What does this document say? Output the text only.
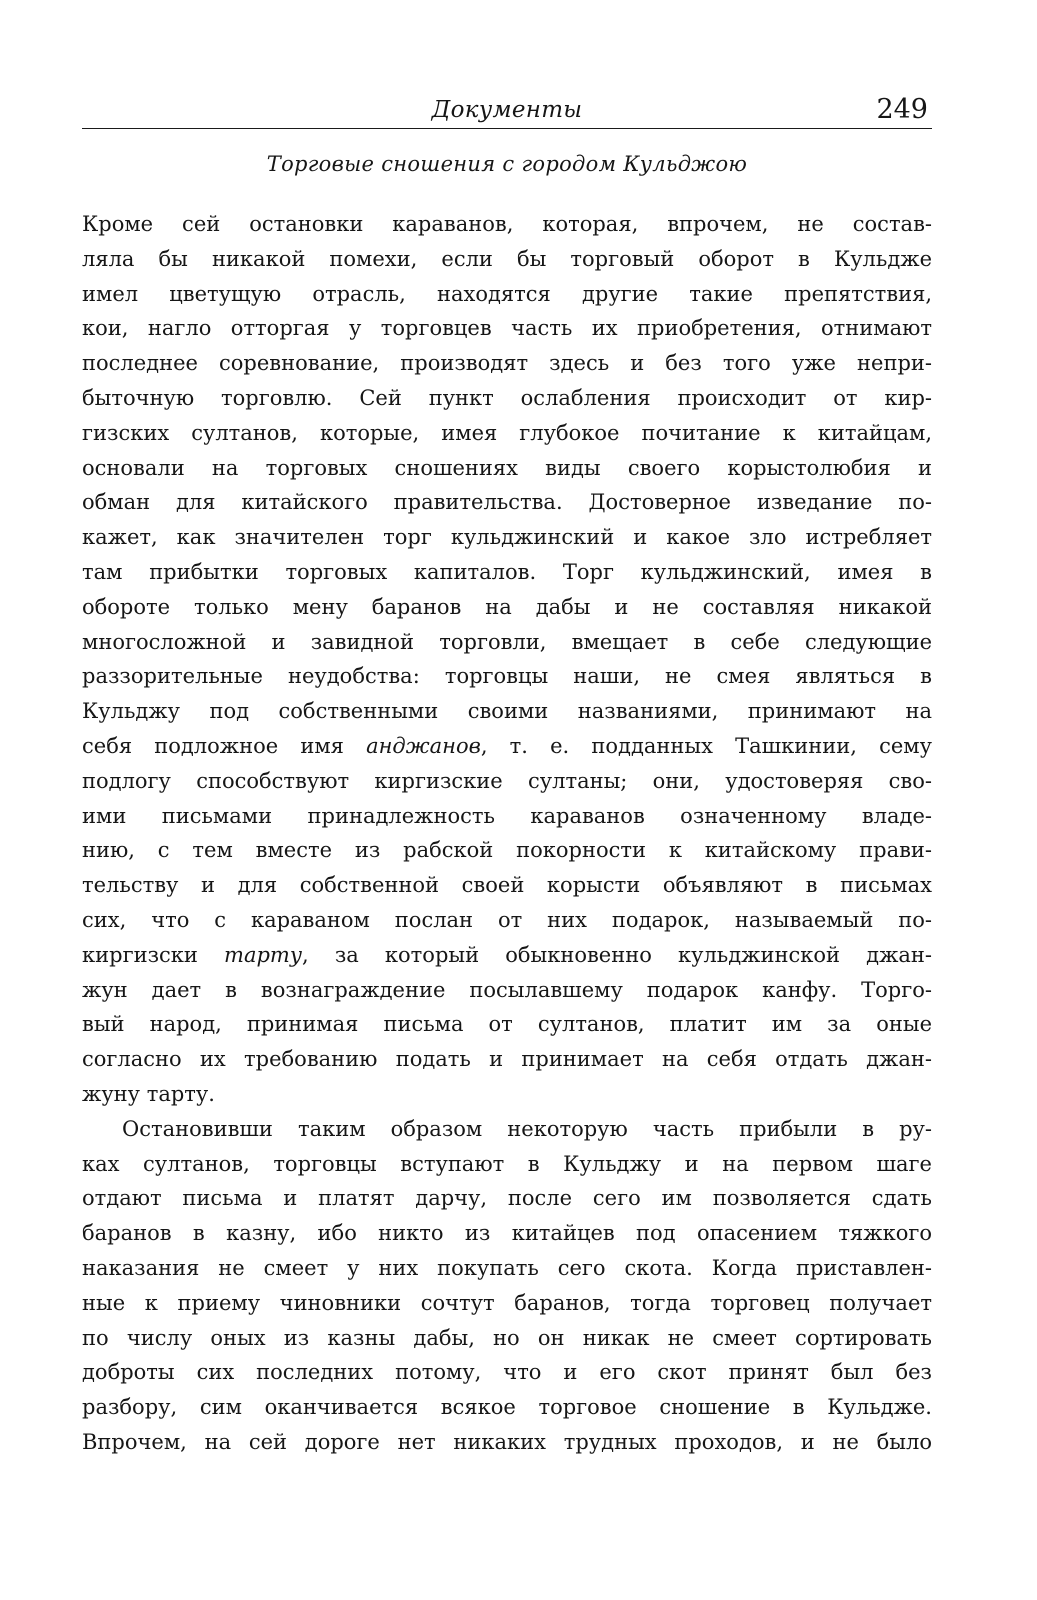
Документы	249
Торговые сношения с городом Кульджою
Кроме сей остановки караванов, которая, впрочем, не состав-
ляла бы никакой помехи, если бы торговый оборот в Кульдже
имел цветущую отрасль, находятся другие такие препятствия,
кои, нагло отторгая у торговцев часть их приобретения, отнимают
последнее соревнование, производят здесь и без того уже непри-
быточную торговлю. Сей пункт ослабления происходит от кир-
гизских султанов, которые, имея глубокое почитание к китайцам,
основали на торговых сношениях виды своего корыстолюбия и
обман для китайского правительства. Достоверное изведание по-
кажет, как значителен торг кульджинский и какое зло истребляет
там прибытки торговых капиталов. Торг кульджинский, имея в
обороте только мену баранов на дабы и не составляя никакой
многосложной и завидной торговли, вмещает в себе следующие
раззорительные неудобства: торговцы наши, не смея являться в
Кульджу под собственными своими названиями, принимают на
себя подложное имя анджанов, т. е. подданных Ташкинии, сему
подлогу способствуют киргизские султаны; они, удостоверяя сво-
ими письмами принадлежность караванов означенному владе-
нию, с тем вместе из рабской покорности к китайскому прави-
тельству и для собственной своей корысти объявляют в письмах
сих, что с караваном послан от них подарок, называемый по-
киргизски тарту, за который обыкновенно кульджинской джан-
жун дает в вознаграждение посылавшему подарок канфу. Торго-
вый народ, принимая письма от султанов, платит им за оные
согласно их требованию подать и принимает на себя отдать джан-
жуну тарту.
Остановивши таким образом некоторую часть прибыли в ру-
ках султанов, торговцы вступают в Кульджу и на первом шаге
отдают письма и платят дарчу, после сего им позволяется сдать
баранов в казну, ибо никто из китайцев под опасением тяжкого
наказания не смеет у них покупать сего скота. Когда приставлен-
ные к приему чиновники сочтут баранов, тогда торговец получает
по числу оных из казны дабы, но он никак не смеет сортировать
доброты сих последних потому, что и его скот принят был без
разбору, сим оканчивается всякое торговое сношение в Кульдже.
Впрочем, на сей дороге нет никаких трудных проходов, и не было
